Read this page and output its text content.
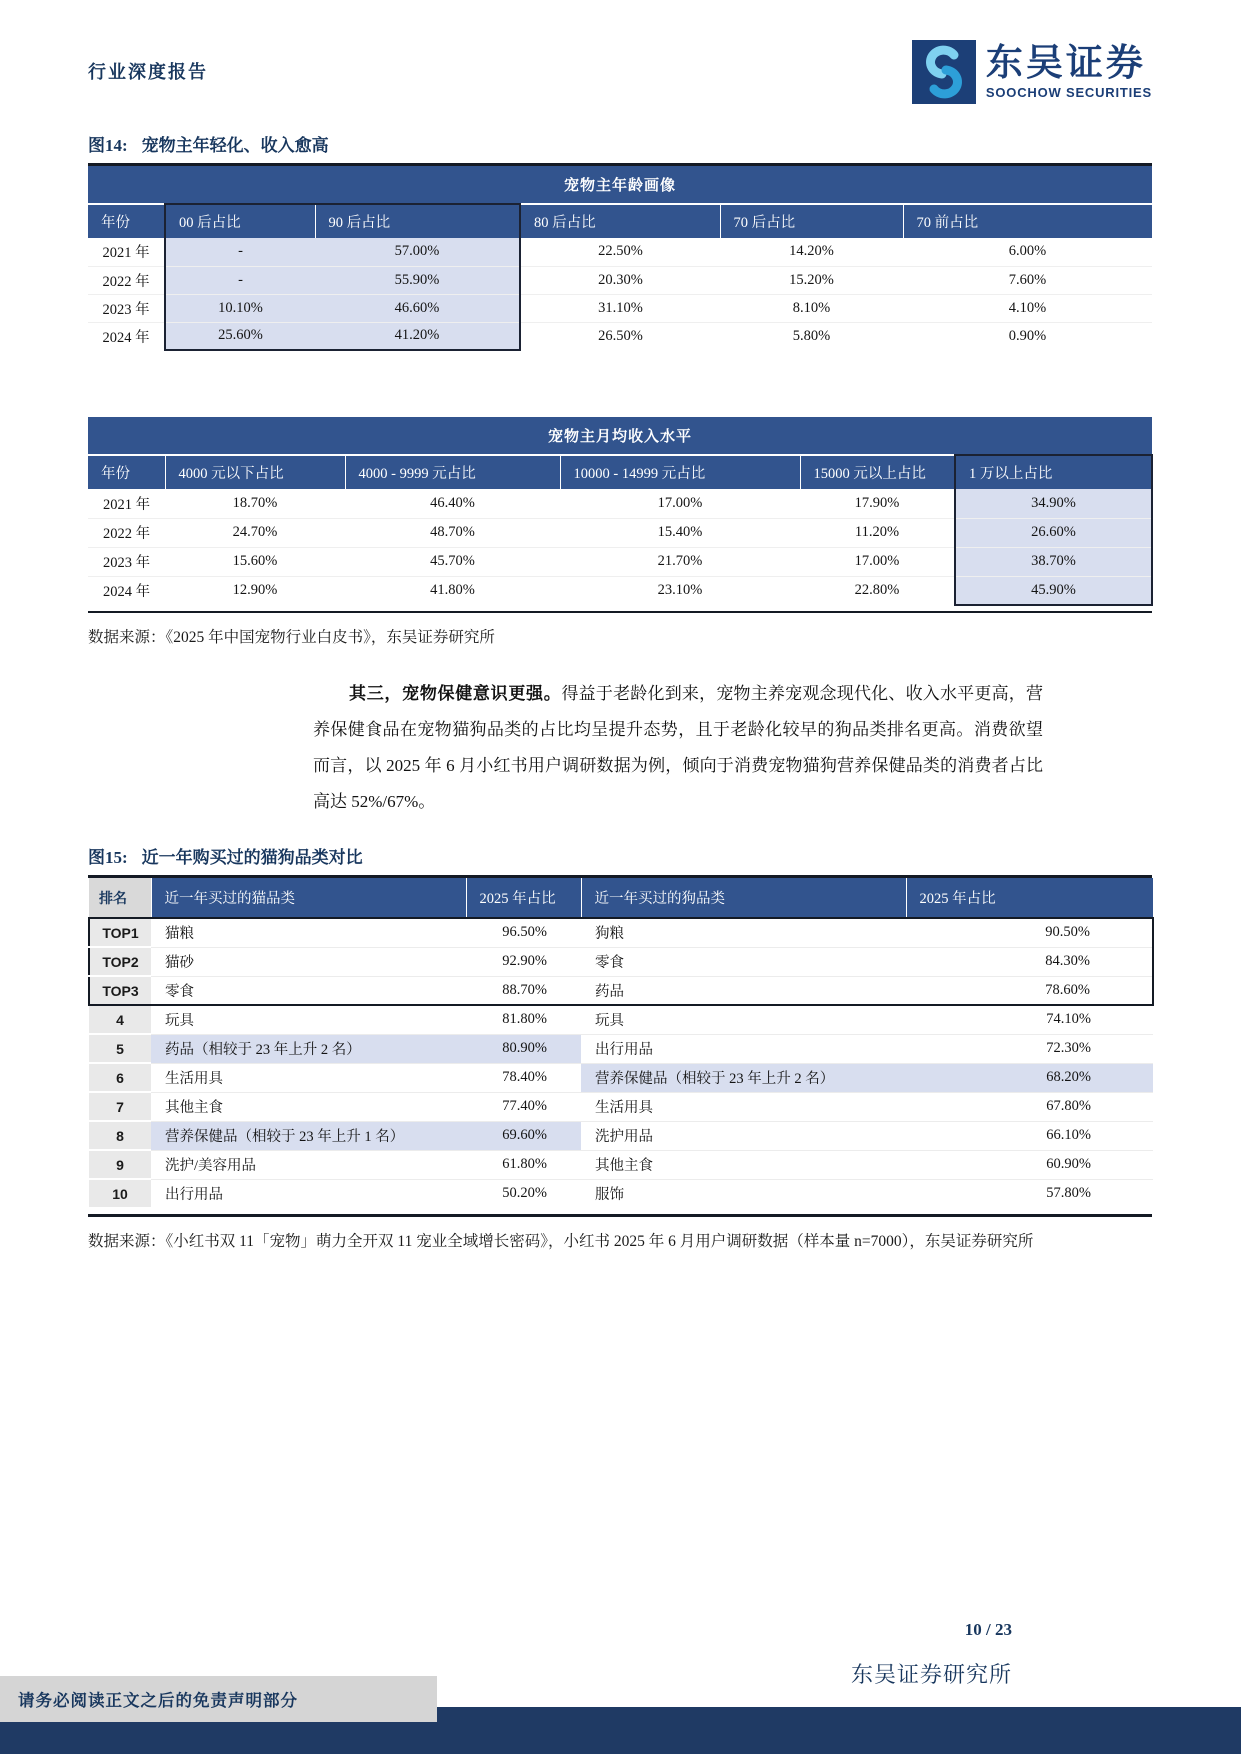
行业深度报告	东吴证券
SOOCHOW SECURITIES
图14: 宠物主年轻化、收入愈高
宠物主年龄画像					
年份	00 后占比	90 后占比	80 后占比	70 后占比	70 前占比
2021 年	-	57.00%	22.50%	14.20%	6.00%
2022 年	-	55.90%	20.30%	15.20%	7.60%
2023 年	10.10%	46.60%	31.10%	8.10%	4.10%
2024 年	25.60%	41.20%	26.50%	5.80%	0.90%
宠物主月均收入水平					
年份	4000 元以下占比	4000 - 9999 元占比	10000 - 14999 元占比	15000 元以上占比	1 万以上占比
2021 年	18.70%	46.40%	17.00%	17.90%	34.90%
2022 年	24.70%	48.70%	15.40%	11.20%	26.60%
2023 年	15.60%	45.70%	21.70%	17.00%	38.70%
2024 年	12.90%	41.80%	23.10%	22.80%	45.90%
数据来源：《2025 年中国宠物行业白皮书》，东吴证券研究所

其三，宠物保健意识更强。得益于老龄化到来，宠物主养宠观念现代化、收入水平更高，营养保健食品在宠物猫狗品类的占比均呈提升态势，且于老龄化较早的狗品类排名更高。消费欲望而言，以 2025 年 6 月小红书用户调研数据为例，倾向于消费宠物猫狗营养保健品类的消费者占比高达 52%/67%。

图15: 近一年购买过的猫狗品类对比
排名	近一年买过的猫品类	2025 年占比	近一年买过的狗品类	2025 年占比
TOP1	猫粮	96.50%	狗粮	90.50%
TOP2	猫砂	92.90%	零食	84.30%
TOP3	零食	88.70%	药品	78.60%
4	玩具	81.80%	玩具	74.10%
5	药品（相较于 23 年上升 2 名）	80.90%	出行用品	72.30%
6	生活用具	78.40%	营养保健品（相较于 23 年上升 2 名）	68.20%
7	其他主食	77.40%	生活用具	67.80%
8	营养保健品（相较于 23 年上升 1 名）	69.60%	洗护用品	66.10%
9	洗护/美容用品	61.80%	其他主食	60.90%
10	出行用品	50.20%	服饰	57.80%
数据来源：《小红书双 11「宠物」萌力全开双 11 宠业全域增长密码》，小红书 2025 年 6 月用户调研数据（样本量 n=7000），东吴证券研究所
10 / 23
东吴证券研究所
请务必阅读正文之后的免责声明部分
